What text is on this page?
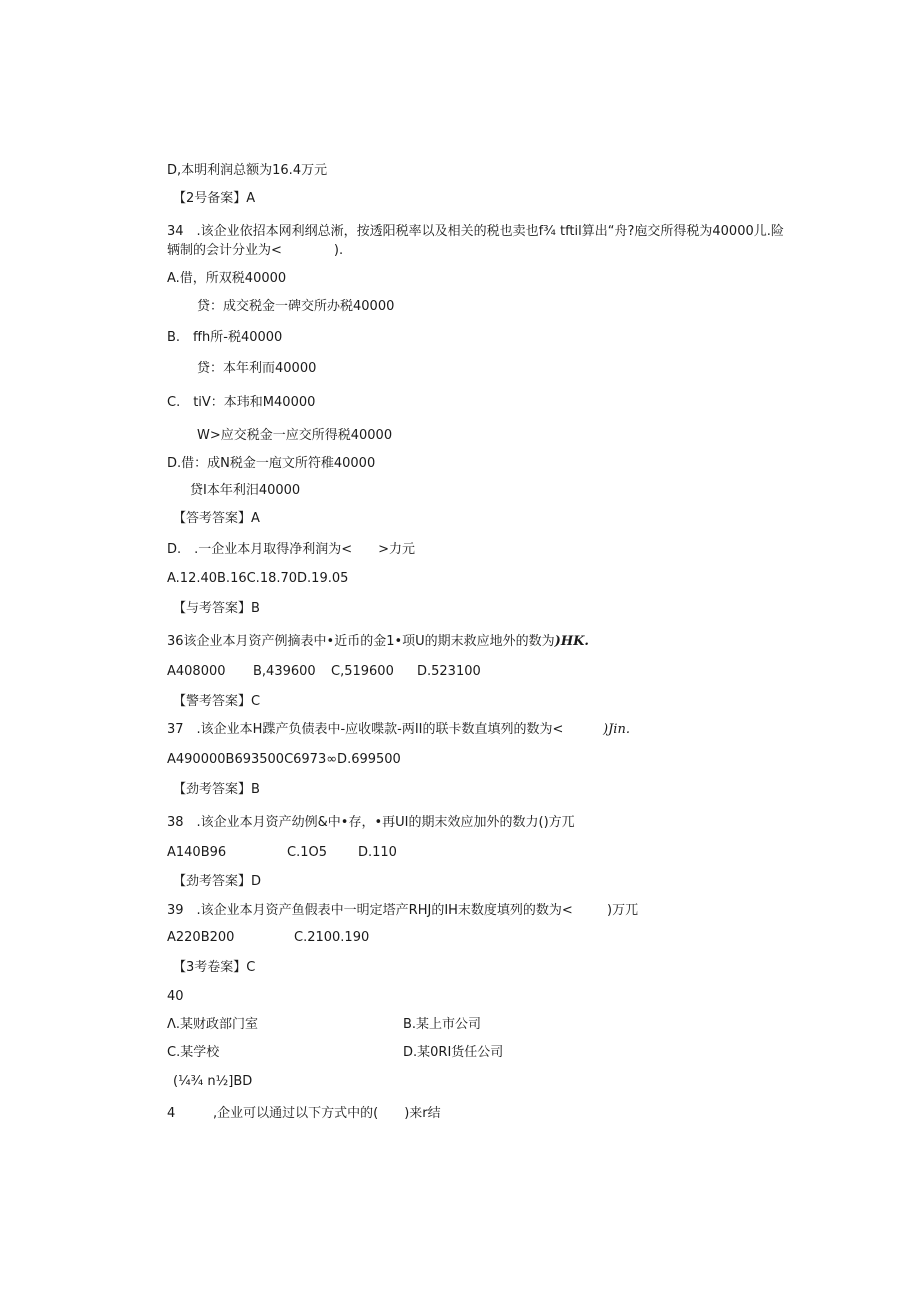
D,本明利润总额为16.4万元

【2号备案】A

34　.该企业依招本网利纲总淅，按透阳税率以及相关的税也卖也f¾ tftil算出“舟?庖交所得税为40000儿.险

辆制的会计分业为<　　　　).

A.借，所双税40000

贷：成交税金一碑交所办税40000

B.　ffh所-税40000

贷：本年利而40000

C.　tiV：本玮和M40000

W>应交税金一应交所得税40000

D.借：成N税金一庖文所符稚40000

贷I本年利汨40000

【答考答案】A

D.　.一企业本月取得净利润为<　　>力元

A.12.40B.16C.18.70D.19.05

【与考答案】B

36该企业本月资产例摘表中•近币的金1•项U的期末救应地外的数为)HK.

A408000 B,439600 C,519600 D.523100

【警考答案】C

37　.该企业本H蹀产负债表中-应收喋款-两II的联卡数直填列的数为<	)Jin.

A490000B693500C6973∞D.699500

【劲考答案】B

38　.该企业本月资产幼例&中•存，•再UI的期末效应加外的数力()方兀

A140B96	C.1O5 D.110

【劲考答案】D

39　.该企业本月资产鱼假表中一明定塔产RHJ的IH末数度填列的数为<	)万兀

A220B200	C.2100.190

【3考卷案】C

40

Λ.某财政部门室	B.某上市公司

C.某学校	D.某0RI货任公司

(¼¾ n½]BD

4	,企业可以通过以下方式中的(　　)来r结
